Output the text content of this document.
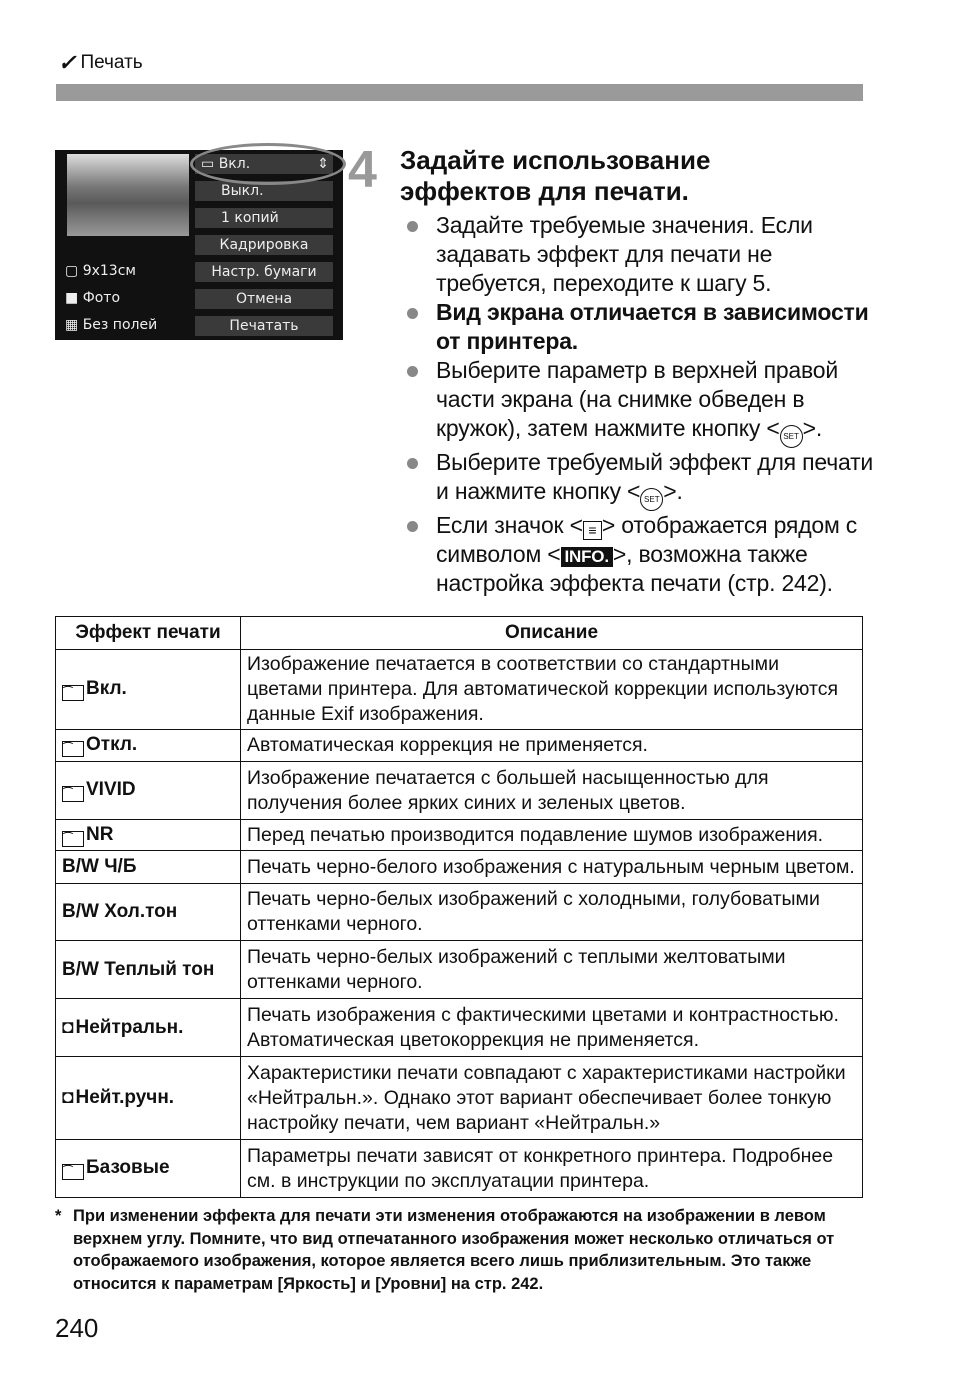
✓ Печать
▭ Вкл.	⇕
Выкл.
1 копий
Кадрировка
Настр. бумаги
Отмена
Печатать
▢ 9x13см
■ Фото
▦ Без полей
4 Задайте использование эффектов для печати.
Задайте требуемые значения. Если задавать эффект для печати не требуется, переходите к шагу 5.
Вид экрана отличается в зависимости от принтера.
Выберите параметр в верхней правой части экрана (на снимке обведен в кружок), затем нажмите кнопку < SET >.
Выберите требуемый эффект для печати и нажмите кнопку < SET >.
Если значок < ≡ > отображается рядом с символом < INFO. >, возможна также настройка эффекта печати (стр. 242).
Эффект печати	Описание
⌒ Вкл.	Изображение печатается в соответствии со стандартными цветами принтера. Для автоматической коррекции используются данные Exif изображения.
⌒ Откл.	Автоматическая коррекция не применяется.
⌒ VIVID	Изображение печатается с большей насыщенностью для получения более ярких синих и зеленых цветов.
⌒ NR	Перед печатью производится подавление шумов изображения.
B/W Ч/Б	Печать черно-белого изображения с натуральным черным цветом.
B/W Хол.тон	Печать черно-белых изображений с холодными, голубоватыми оттенками черного.
B/W Теплый тон	Печать черно-белых изображений с теплыми желтоватыми оттенками черного.
◘ Нейтральн.	Печать изображения с фактическими цветами и контрастностью. Автоматическая цветокоррекция не применяется.
◘ Нейт.ручн.	Характеристики печати совпадают с характеристиками настройки «Нейтральн.». Однако этот вариант обеспечивает более тонкую настройку печати, чем вариант «Нейтральн.»
⌒ Базовые	Параметры печати зависят от конкретного принтера. Подробнее см. в инструкции по эксплуатации принтера.
* При изменении эффекта для печати эти изменения отображаются на изображении в левом верхнем углу. Помните, что вид отпечатанного изображения может несколько отличаться от отображаемого изображения, которое является всего лишь приблизительным. Это также относится к параметрам [Яркость] и [Уровни] на стр. 242.
240
